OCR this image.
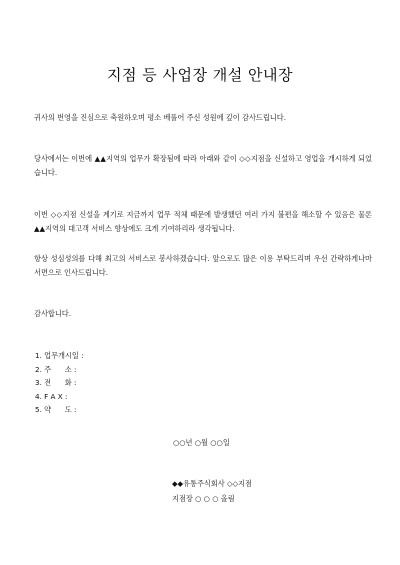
지점 등 사업장 개설 안내장
귀사의 번영을 진심으로 축원하오며 평소 베풀어 주신 성원에 깊이 감사드립니다.
당사에서는 이번에 ▲▲지역의 업무가 확장됨에 따라 아래와 같이 ◇◇지점을 신설하고 영업을 개시하게 되었습니다.
이번 ◇◇지점 신설을 계기로 지금까지 업무 적체 때문에 발생했던 여러 가지 불편을 해소할 수 있음은 물론 ▲▲지역의 대고객 서비스 향상에도 크게 기여하리라 생각됩니다.
항상 성심성의를 다해 최고의 서비스로 봉사하겠습니다. 앞으로도 많은 이용 부탁드리며 우선 간략하게나마 서면으로 인사드립니다.
감사합니다.
1. 업무개시일 :
2. 주      소 :
3. 전      화 :
4. F A X :
5. 약      도 :
○○년 ○월 ○○일
◆◆유통주식회사 ◇◇지점
지점장 ○ ○ ○ 올림
